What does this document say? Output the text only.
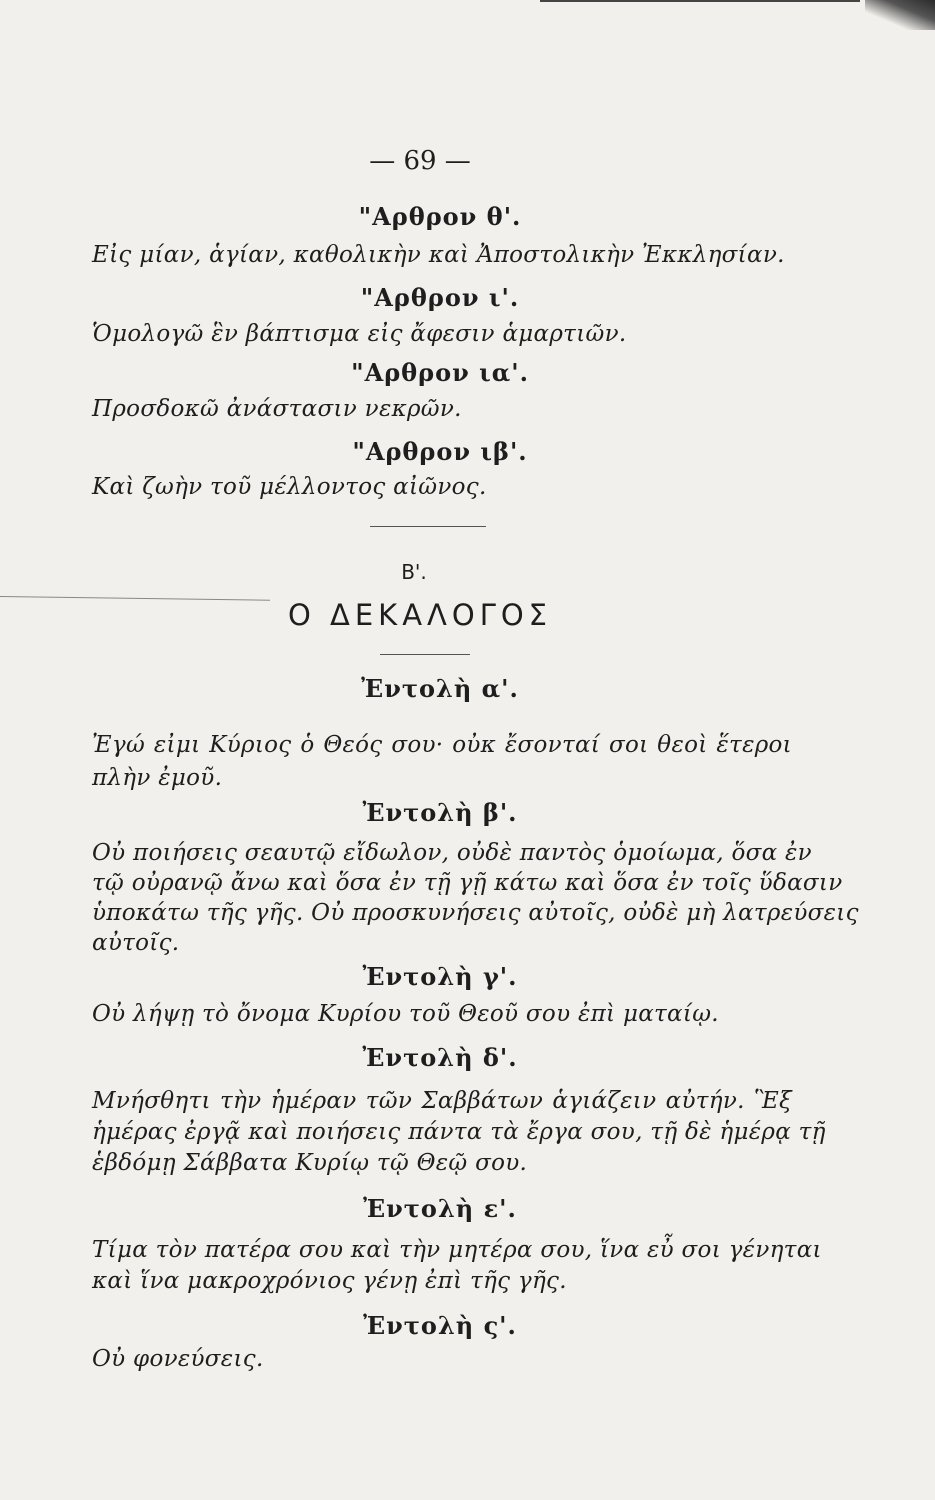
— 69 —
"Αρθρον θ'.
Εἰς μίαν, ἁγίαν, καθολικὴν καὶ Ἀποστολικὴν Ἐκκλησίαν.
"Αρθρον ι'.
Ὁμολογῶ ἓν βάπτισμα εἰς ἄφεσιν ἁμαρτιῶν.
"Αρθρον ια'.
Προσδοκῶ ἀνάστασιν νεκρῶν.
"Αρθρον ιβ'.
Καὶ ζωὴν τοῦ μέλλοντος αἰῶνος.
Β'.
Ο ΔΕΚΑΛΟΓΟΣ
Ἐντολὴ α'.
Ἐγώ εἰμι Κύριος ὁ Θεός σου· οὐκ ἔσονταί σοι θεοὶ ἕτεροι
πλὴν ἐμοῦ.
Ἐντολὴ β'.
Οὐ ποιήσεις σεαυτῷ εἴδωλον, οὐδὲ παντὸς ὁμοίωμα, ὅσα ἐν
τῷ οὐρανῷ ἄνω καὶ ὅσα ἐν τῇ γῇ κάτω καὶ ὅσα ἐν τοῖς ὕδασιν
ὑποκάτω τῆς γῆς. Οὐ προσκυνήσεις αὐτοῖς, οὐδὲ μὴ λατρεύσεις
αὐτοῖς.
Ἐντολὴ γ'.
Οὐ λήψῃ τὸ ὄνομα Κυρίου τοῦ Θεοῦ σου ἐπὶ ματαίῳ.
Ἐντολὴ δ'.
Μνήσθητι τὴν ἡμέραν τῶν Σαββάτων ἁγιάζειν αὐτήν. Ἓξ
ἡμέρας ἐργᾷ καὶ ποιήσεις πάντα τὰ ἔργα σου, τῇ δὲ ἡμέρᾳ τῇ
ἑβδόμῃ Σάββατα Κυρίῳ τῷ Θεῷ σου.
Ἐντολὴ ε'.
Τίμα τὸν πατέρα σου καὶ τὴν μητέρα σου, ἵνα εὖ σοι γένηται
καὶ ἵνα μακροχρόνιος γένῃ ἐπὶ τῆς γῆς.
Ἐντολὴ ς'.
Οὐ φονεύσεις.
